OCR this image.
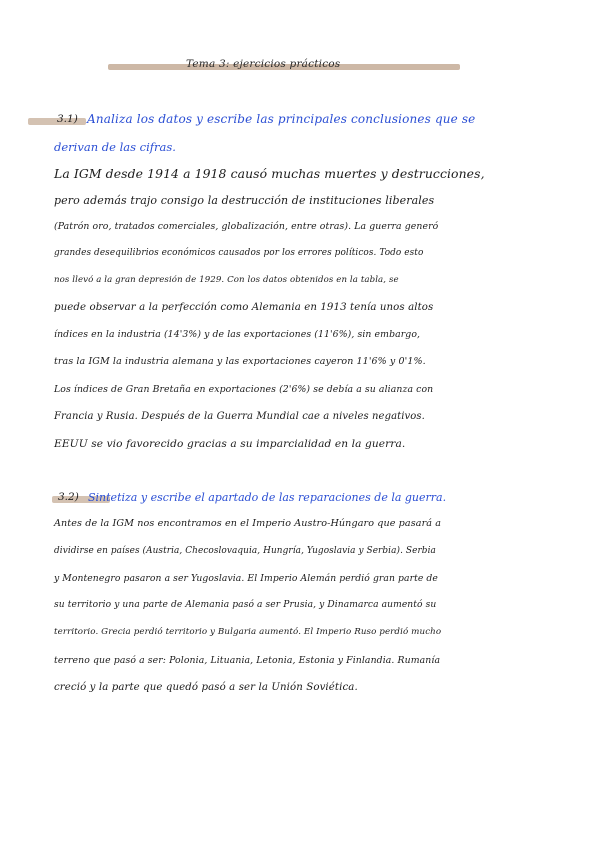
Tema 3: ejercicios prácticos
3.1) Analiza los datos y escribe las principales conclusiones que se
derivan de las cifras.
La IGM desde 1914 a 1918 causó muchas muertes y destrucciones,
pero además trajo consigo la destrucción de instituciones liberales
(Patrón oro, tratados comerciales, globalización, entre otras). La guerra generó
grandes desequilibrios económicos causados por los errores políticos. Todo esto
nos llevó a la gran depresión de 1929. Con los datos obtenidos en la tabla, se
puede observar a la perfección como Alemania en 1913 tenía unos altos
índices en la industria (14'3%) y de las exportaciones (11'6%), sin embargo,
tras la IGM la industria alemana y las exportaciones cayeron 11'6% y 0'1%.
Los índices de Gran Bretaña en exportaciones (2'6%) se debía a su alianza con
Francia y Rusia. Después de la Guerra Mundial cae a niveles negativos.
EEUU se vio favorecido gracias a su imparcialidad en la guerra.
3.2) Sintetiza y escribe el apartado de las reparaciones de la guerra.
Antes de la IGM nos encontramos en el Imperio Austro-Húngaro que pasará a
dividirse en países (Austria, Checoslovaquia, Hungría, Yugoslavia y Serbia). Serbia
y Montenegro pasaron a ser Yugoslavia. El Imperio Alemán perdió gran parte de
su territorio y una parte de Alemania pasó a ser Prusia, y Dinamarca aumentó su
territorio. Grecia perdió territorio y Bulgaria aumentó. El Imperio Ruso perdió mucho
terreno que pasó a ser: Polonia, Lituania, Letonia, Estonia y Finlandia. Rumanía
creció y la parte que quedó pasó a ser la Unión Soviética.
